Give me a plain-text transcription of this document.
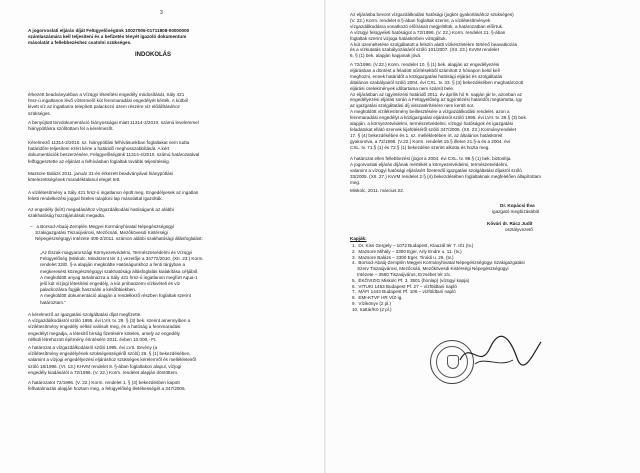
3
A jogorvoslati eljárás díját Felügyelőségünk 10027006-01711808-00000000
számlaszámára kell teljesíteni és a befizetés tényét igazoló dokumentum
másolatát a fellebbezéshez csatolni szükséges.
INDOKOLÁS
érkezett beadványukban a Vízügyi létesítési engedély módosítását, Sály 421
hrsz-ú ingatlanon lévő víztermelő kút fennmaradási engedélyét kérték. A kútból
kivett víz az ingatlanra telepített palackozó üzem részére víz előállításához
szükséges.
A benyújtott tervdokumentáció hiányosságai miatt 11314-2/2010. számú levelemmel
hiánypótlásra szólítottam fel a kérelmezőt.
Kérelmező 11314-2/2010. sz. hiánypótlási felhívásunkban foglaltakat nem tudta
határidőre teljesíteni ezért kérte a határidő meghosszabbítását. A kért
dokumentációk beszerzésére, Felügyelőségünk 11314-4/2010. számú határozatával
felfüggesztette az eljárást a felhívásban foglaltak további teljesítéséig.
Mazsore Balázs 2011. január 31-én érkezett beadványával hiánypótlási
kötelezettségének maradéktalanul eleget tett.
A vízilétesítmény a Sály 421 hrsz-ú ingatlanon épült meg. Engedélyesek az ingatlan
feletti rendelkezési joggal hiteles tulajdoni lap másolattal igazolták.
Az engedély (kiírt) megadásához vízgazdálkodási hatóságunk az alábbi
szakhatóság hozzájárulását megadta.
–   a Borsod-Abaúj-Zemplén Megyei Kormányhivatal Népegészségügyi
Szakigazgatási Tiszaújvárosi, Mezőcsáti, Mezőkövesdi Kistérségi
Népegészségügyi Intézete 405-2/2011. számon alábbi szakhatósági állásfoglalást:
„Az Észak-magyarországi Környezetvédelmi, Természetvédelmi és Vízügyi
Felügyelőség (Miskolc, Mindszent tér 4.) vezetője a 34772/2010. (XII. 23.) Korm.
rendelet 32/E. §-a alapján megküldte Hatóságunkhoz a fenti tárgyban a
megkeresést közegészségügyi szakhatósági állásfoglalás kialakítása céljából.
A megküldött anyag tartalmazza a Sály 421 hrsz-ú ingatlanon megfúrt Aqua-1
jelű kút vízjogi létesítési engedély, a kút próbaüzemi vízkivételi és víz
palackozásra fogják használni a későbbiekben.
A megküldött dokumentáció alapján a rendelkező részben foglaltak szerint
határoztam.”
A kérelmező az igazgatási szolgáltatási díjat megfizette.
A vízgazdálkodásról szóló 1995. évi LVII. tv. 29. § (3) bek. szerint amennyiben a
vízilétesítmény engedély nélkül valósult meg, és a hatóság a fennmaradási
engedélyt megadja, a létesítő bírság fizetésére köteles, amely az engedély
nélküli létrehozott építmény érintésére 2011. évben 10.000,- Ft.
A határozat a vízgazdálkodásról szóló 1995. évi LVII. törvény (a
vízilétesítmény engedélyének szükségességéről szóló) 28. § (1) bekezdésében,
valamint a vízjogi engedélyezési eljáráshoz szükséges kérelemről és mellékleteiről
szóló 18/1996. (VI. 13.) KHVM rendelet 8. §-ában foglaltakon alapul, vízjogi
engedély kiadásáról a 72/1996. (V. 22.) Korm. rendelet alapján döntöttem.
A határozatot 72/1996. (V. 22.) Korm. rendelet 1. § (3) bekezdésben kapott
felhatalmazás alapján hoztam meg, a felügyelőség illetékességét a 347/2006.
Az eljárásba bevont vízgazdálkodási hatósági (jogkör gyakorlásához szükséges)
(V. 22.) Korm. rendelet 6.§-ában foglaltak szerint, a vízilétesítmények
vízgazdálkodásra vonatkozó előírásait megjelöltük, a határozatban előírtuk.
A vízügyi felügyeleti hatóságot a 72/1996. (V. 22.) Korm. rendelet 21. §-ában
foglaltak szerint vizjoga hatáskörben vizsgáltuk.
A kút üzemeltetése szolgáltatott a felszín alatti vízkészletekre történő beavatkozás
és a vízkutatás szabályozásáról szóló 101/2007. (XII. 23.) KvVM rendelet
6. § (1) bek. alapján kapjanak jóvá.
A 72/1996. (V.22.) Korm. rendelet 10. § (1) bek. alapján az engedélyezési
eljárásban a döntést a feladott sűrítésekből számított 2 hónapon belül kell
meghozni, ennek határidőt a közigazgatási hatósági eljárás és szolgáltatás
általános szabályairól szóló 2004. évi CXL. tv. 33. § (3) bekezdésében meghatározott
eljárási cselekmények időtartama nem számít bele.
Az eljárásban az ügyintézési határidő 2011. év április hó 9. napján jár le, azonban az
engedélyezési eljárás során a Felügyelőség az ügyintézési határidőt megtartotta, így
az igazgatási szolgáltatási díj visszatérítésére nem került sor.
A megküldött vízilétesítmény beillesztésére a vízgazdálkodási rendelet, azon a
fennmaradási engedélyt a közigazgatási eljárásról szóló 1995. évi LVII. tv. 29.§ (3) bek.
alapján, a környezetvédelmi, természetvédelmi, vízügyi hatóságok és igazgatási
feladatokat ellátó szervek kijelöléséről szóló 347/2006. (XII. 23.) Kormányrendelet
17. § (4) bekezdésében és 1. sz. mellékletében írt, az általános hatásköreit
gyakorolva, a 72/1996. (V.22.) Korm. rendelet 15.§ illetve 21.§-a és a 2004. évi
CXL. tv. 71.§ (1) és 72.§ (1) bekezdése szerint alkotta és hozta meg.
A határozat ellen fellebbezést (jogot a 2004. évi CXL. tv. 98.§ (1) bek. biztosítja.
A jogorvoslati eljárás díjának mértékét a környezetvédelmi, természetvédelmi,
valamint a vízügyi hatósági eljárásért fizetendő igazgatási szolgáltatási díjakról szóló
33/2005. (XII. 27.) KvVM rendelet 2.§ (4) bekezdésében foglaltaknak megfelelően állapítottam
meg.
Miskolc, 2011. március 22.
Dr. Kopácsi Éva
igazgató megbízásából
Kővári dr. Rácz Judit
osztályvezető
Kapják:
1.  Dr. Kiss Gergely – 1072 Budapest, Klauzál tér 7. II/1 (tv.)
2.  Mazsore Mihály – 3300 Eger, Arly Endre u. 11. (tv.)
3.  Mazsore Balázs – 3300 Eger, Tinódi u. 26. (tv.)
4.  Borsod-Abaúj-Zemplén Megyei Kormányhivatal Népegészségügyi Szakigazgatási
Szerv Tiszaújvárosi, Mezőcsáti, Mezőkövesdi Kistérségi Népegészségügyi
Intézete – 3580 Tiszaújváros, Erzsébet tér 2/c.
5.  ÉKÖVIZIG Miskolc Pf. 3. 3501 (honlap) (vízügyi kapja)
6.  VITUKI 1453 Budapest Pf. 27 – vízföldtani napló
7.  MÁFI 1443 Budapest Pf. 106 – vízföldtani napló
8.  EMI-KTVF HR VÍZ-ig.
9.  Vízikönyv (2 pl.)
10. Irattár/Kö (2 pl.)
